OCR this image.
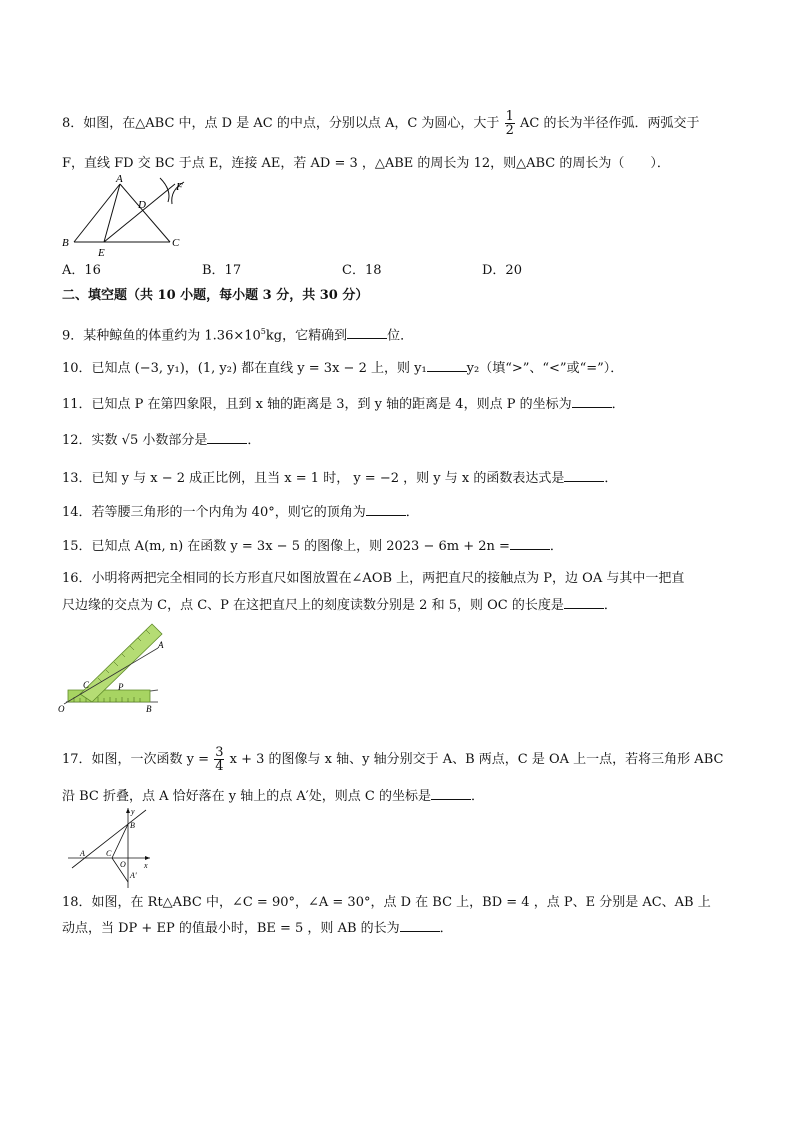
8．如图，在△ABC 中，点 D 是 AC 的中点，分别以点 A，C 为圆心，大于 $\frac{1}{2}$ AC 的长为半径作弧．两弧交于
F，直线 FD 交 BC 于点 E，连接 AE，若 AD = 3 ，△ABE 的周长为 12，则△ABC 的周长为（　　）．
A
B	C
D
E
F
A．16	B．17	C．18	D．20
二、填空题（共 10 小题，每小题 3 分，共 30 分）
9．某种鲸鱼的体重约为 $1.36\times 10^5kg$，它精确到	位．
10．已知点 (−3, y₁)，(1, y₂) 都在直线 y = 3x − 2 上，则 y₁	y₂（填“>”、“<”或“=”）．
11．已知点 P 在第四象限，且到 x 轴的距离是 3，到 y 轴的距离是 4，则点 P 的坐标为	．
12．实数 √5 小数部分是	．
13．已知 y 与 x − 2 成正比例，且当 x = 1 时， y = −2 ，则 y 与 x 的函数表达式是	．
14．若等腰三角形的一个内角为 40°，则它的顶角为	．
15．已知点 A(m, n) 在函数 y = 3x − 5 的图像上，则 2023 − 6m + 2n =	．
16．小明将两把完全相同的长方形直尺如图放置在∠AOB 上，两把直尺的接触点为 P，边 OA 与其中一把直
尺边缘的交点为 C，点 C、P 在这把直尺上的刻度读数分别是 2 和 5，则 OC 的长度是	．
O	B
C	P
A
17．如图，一次函数 $y = \frac{3}{4}$ x + 3 的图像与 x 轴、y 轴分别交于 A、B 两点，C 是 OA 上一点，若将三角形 ABC
沿 BC 折叠，点 A 恰好落在 y 轴上的点 A′处，则点 C 的坐标是	．
A	C
O
B
A′
x
y
18．如图，在 Rt△ABC 中，∠C = 90°，∠A = 30°，点 D 在 BC 上，BD = 4 ，点 P、E 分别是 AC、AB 上
动点，当 DP + EP 的值最小时，BE = 5 ，则 AB 的长为	．
